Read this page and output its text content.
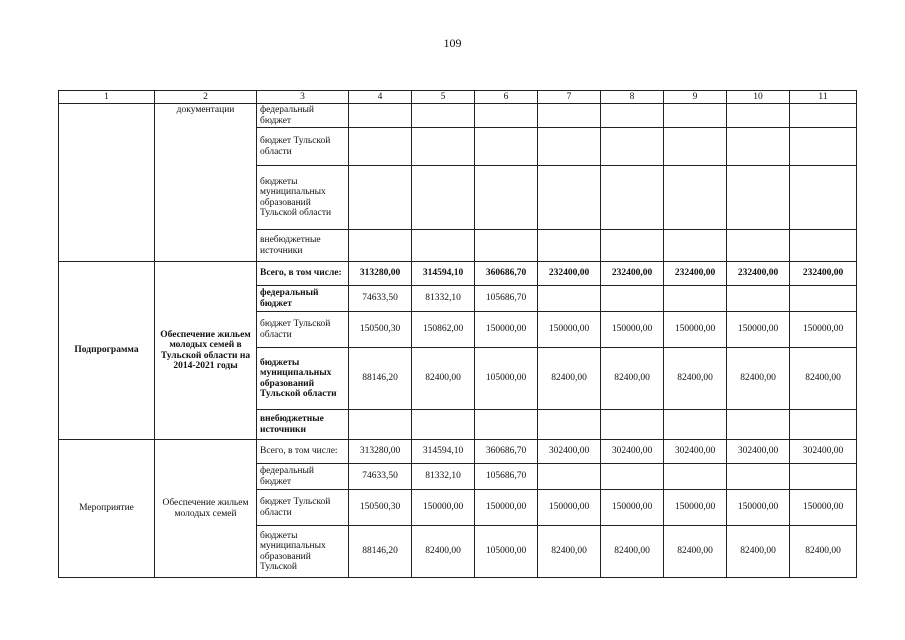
109
1	2	3	4	5	6	7	8	9	10	11
	документации	федеральный бюджет								
		бюджет Тульской области								
		бюджеты муниципальных образований Тульской области								
		внебюджетные источники								
Подпрограмма	Обеспечение жильем молодых семей в Тульской области на 2014-2021 годы	Всего, в том числе:	313280,00	314594,10	360686,70	232400,00	232400,00	232400,00	232400,00	232400,00
		федеральный бюджет	74633,50	81332,10	105686,70					
		бюджет Тульской области	150500,30	150862,00	150000,00	150000,00	150000,00	150000,00	150000,00	150000,00
		бюджеты муниципальных образований Тульской области	88146,20	82400,00	105000,00	82400,00	82400,00	82400,00	82400,00	82400,00
		внебюджетные источники								
Мероприятие	Обеспечение жильем молодых семей	Всего, в том числе:	313280,00	314594,10	360686,70	302400,00	302400,00	302400,00	302400,00	302400,00
		федеральный бюджет	74633,50	81332,10	105686,70					
		бюджет Тульской области	150500,30	150000,00	150000,00	150000,00	150000,00	150000,00	150000,00	150000,00
		бюджеты муниципальных образований Тульской	88146,20	82400,00	105000,00	82400,00	82400,00	82400,00	82400,00	82400,00
